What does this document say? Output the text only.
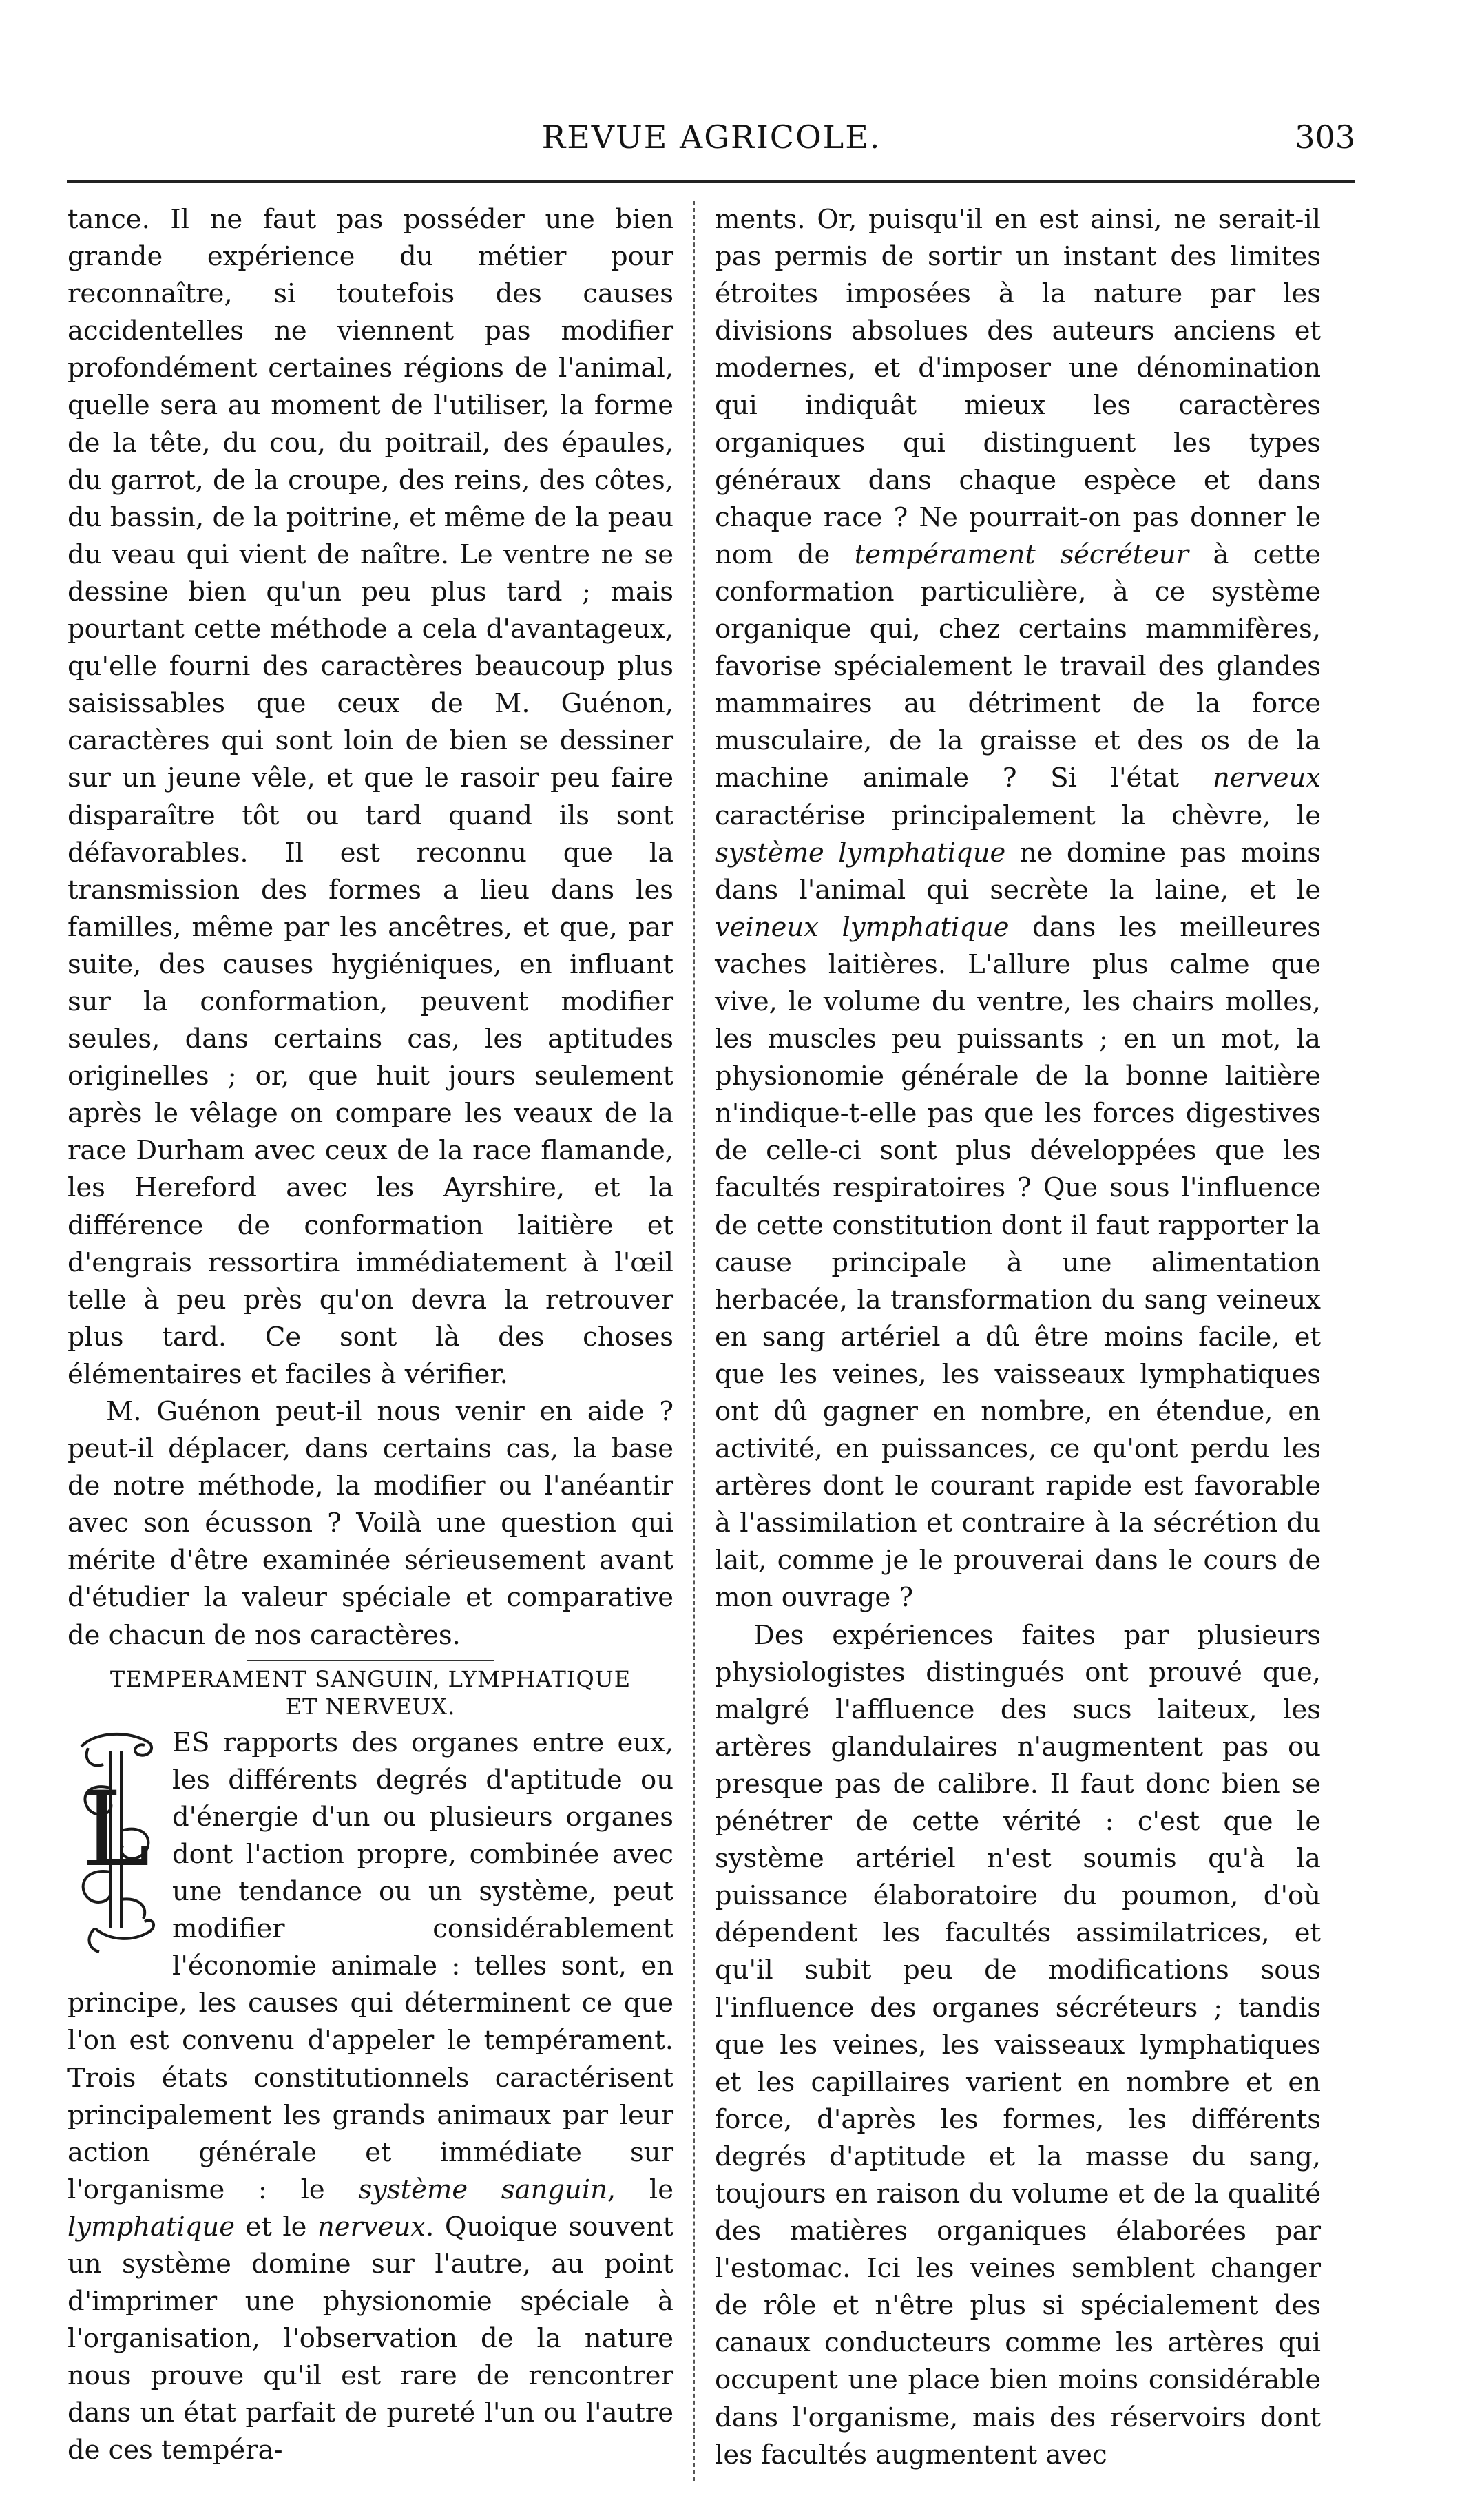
REVUE AGRICOLE.	303

tance. Il ne faut pas posséder une bien grande expérience du métier pour reconnaître, si toutefois des causes accidentelles ne viennent pas modifier profondément certaines régions de l'animal, quelle sera au moment de l'utiliser, la forme de la tête, du cou, du poitrail, des épaules, du garrot, de la croupe, des reins, des côtes, du bassin, de la poitrine, et même de la peau du veau qui vient de naître. Le ventre ne se dessine bien qu'un peu plus tard ; mais pourtant cette méthode a cela d'avantageux, qu'elle fourni des caractères beaucoup plus saisissables que ceux de M. Guénon, caractères qui sont loin de bien se dessiner sur un jeune vêle, et que le rasoir peu faire disparaître tôt ou tard quand ils sont défavorables. Il est reconnu que la transmission des formes a lieu dans les familles, même par les ancêtres, et que, par suite, des causes hygiéniques, en influant sur la conformation, peuvent modifier seules, dans certains cas, les aptitudes originelles ; or, que huit jours seulement après le vêlage on compare les veaux de la race Durham avec ceux de la race flamande, les Hereford avec les Ayrshire, et la différence de conformation laitière et d'engrais ressortira immédiatement à l'œil telle à peu près qu'on devra la retrouver plus tard. Ce sont là des choses élémentaires et faciles à vérifier.

M. Guénon peut-il nous venir en aide ? peut-il déplacer, dans certains cas, la base de notre méthode, la modifier ou l'anéantir avec son écusson ? Voilà une question qui mérite d'être examinée sérieusement avant d'étudier la valeur spéciale et comparative de chacun de nos caractères.

TEMPERAMENT SANGUIN, LYMPHATIQUE
ET NERVEUX.

L
ES rapports des organes entre eux, les différents degrés d'aptitude ou d'énergie d'un ou plusieurs organes dont l'action propre, combinée avec une tendance ou un système, peut modifier considérablement l'économie animale : telles sont, en principe, les causes qui déterminent ce que l'on est convenu d'appeler le tempérament. Trois états constitutionnels caractérisent principalement les grands animaux par leur action générale et immédiate sur l'organisme : le système sanguin, le lymphatique et le nerveux. Quoique souvent un système domine sur l'autre, au point d'imprimer une physionomie spéciale à l'organisation, l'observation de la nature nous prouve qu'il est rare de rencontrer dans un état parfait de pureté l'un ou l'autre de ces tempéra-

ments. Or, puisqu'il en est ainsi, ne serait-il pas permis de sortir un instant des limites étroites imposées à la nature par les divisions absolues des auteurs anciens et modernes, et d'imposer une dénomination qui indiquât mieux les caractères organiques qui distinguent les types généraux dans chaque espèce et dans chaque race ? Ne pourrait-on pas donner le nom de tempérament sécréteur à cette conformation particulière, à ce système organique qui, chez certains mammifères, favorise spécialement le travail des glandes mammaires au détriment de la force musculaire, de la graisse et des os de la machine animale ? Si l'état nerveux caractérise principalement la chèvre, le système lymphatique ne domine pas moins dans l'animal qui secrète la laine, et le veineux lymphatique dans les meilleures vaches laitières. L'allure plus calme que vive, le volume du ventre, les chairs molles, les muscles peu puissants ; en un mot, la physionomie générale de la bonne laitière n'indique-t-elle pas que les forces digestives de celle-ci sont plus développées que les facultés respiratoires ? Que sous l'influence de cette constitution dont il faut rapporter la cause principale à une alimentation herbacée, la transformation du sang veineux en sang artériel a dû être moins facile, et que les veines, les vaisseaux lymphatiques ont dû gagner en nombre, en étendue, en activité, en puissances, ce qu'ont perdu les artères dont le courant rapide est favorable à l'assimilation et contraire à la sécrétion du lait, comme je le prouverai dans le cours de mon ouvrage ?

Des expériences faites par plusieurs physiologistes distingués ont prouvé que, malgré l'affluence des sucs laiteux, les artères glandulaires n'augmentent pas ou presque pas de calibre. Il faut donc bien se pénétrer de cette vérité : c'est que le système artériel n'est soumis qu'à la puissance élaboratoire du poumon, d'où dépendent les facultés assimilatrices, et qu'il subit peu de modifications sous l'influence des organes sécréteurs ; tandis que les veines, les vaisseaux lymphatiques et les capillaires varient en nombre et en force, d'après les formes, les différents degrés d'aptitude et la masse du sang, toujours en raison du volume et de la qualité des matières organiques élaborées par l'estomac. Ici les veines semblent changer de rôle et n'être plus si spécialement des canaux conducteurs comme les artères qui occupent une place bien moins considérable dans l'organisme, mais des réservoirs dont les facultés augmentent avec
